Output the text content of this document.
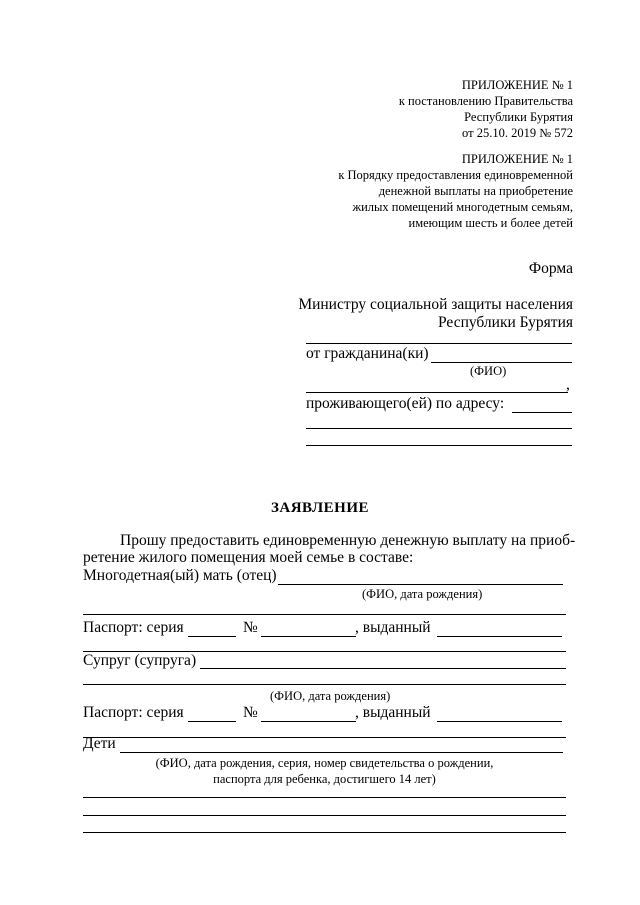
ПРИЛОЖЕНИЕ № 1
к постановлению Правительства
Республики Бурятия
от 25.10. 2019 № 572
ПРИЛОЖЕНИЕ № 1
к Порядку предоставления единовременной
денежной выплаты на приобретение
жилых помещений многодетным семьям,
имеющим шесть и более детей
Форма
Министру социальной защиты населения
Республики Бурятия
от гражданина(ки)
(ФИО)
,
проживающего(ей) по адресу:
ЗАЯВЛЕНИЕ
Прошу предоставить единовременную денежную выплату на приоб-
ретение жилого помещения моей семье в составе:
Многодетная(ый) мать (отец)
(ФИО, дата рождения)
Паспорт: серия	№	, выданный
Супруг (супруга)
(ФИО, дата рождения)
Паспорт: серия	№	, выданный
Дети
(ФИО, дата рождения, серия, номер свидетельства о рождении,
паспорта для ребенка, достигшего 14 лет)
